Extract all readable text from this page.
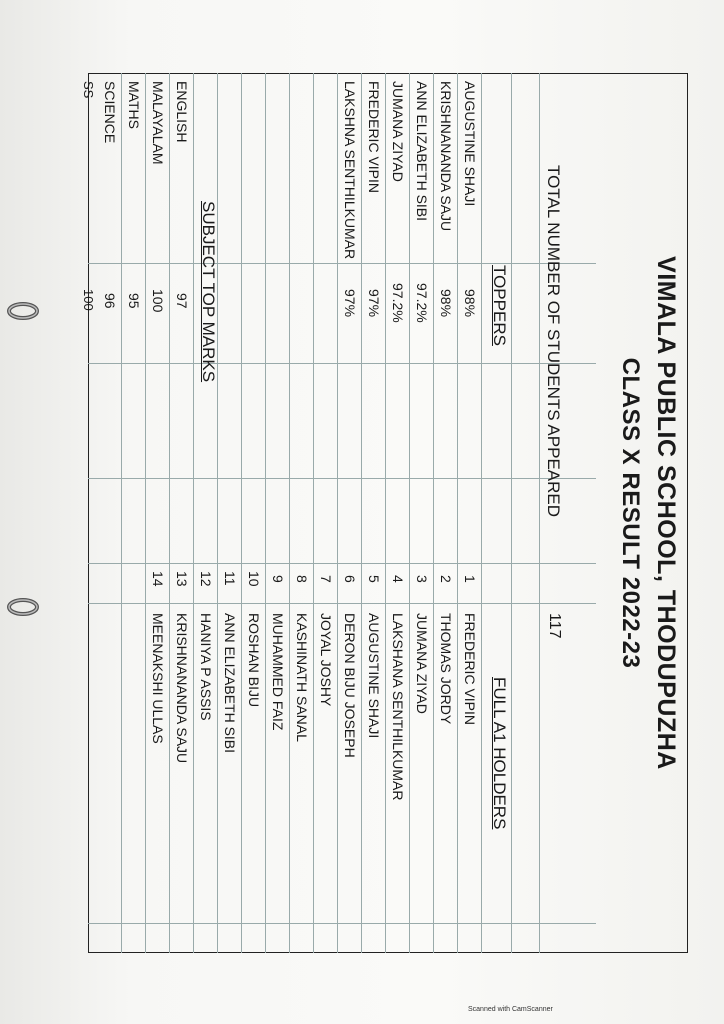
VIMALA PUBLIC SCHOOL, THODUPUZHA
CLASS X RESULT 2022-23
TOTAL NUMBER OF STUDENTS APPEARED
117
TOPPERS
FULL A1 HOLDERS
SUBJECT TOP MARKS
AUGUSTINE SHAJI
98%
KRISHNANANDA SAJU
98%
ANN ELIZABETH SIBI
97.2%
JUMANA ZIYAD
97.2%
FREDERIC VIPIN
97%
LAKSHNA SENTHILKUMAR
97%
ENGLISH
97
MALAYALAM
100
MATHS
95
SCIENCE
96
SS
100
1
FREDERIC VIPIN
2
THOMAS JORDY
3
JUMANA ZIYAD
4
LAKSHANA SENTHILKUMAR
5
AUGUSTINE SHAJI
6
DERON BIJU JOSEPH
7
JOYAL JOSHY
8
KASHINATH SANAL
9
MUHAMMED FAIZ
10
ROSHAN BIJU
11
ANN ELIZABETH SIBI
12
HANIYA P ASSIS
13
KRISHNANANDA SAJU
14
MEENAKSHI ULLAS
Scanned with CamScanner
